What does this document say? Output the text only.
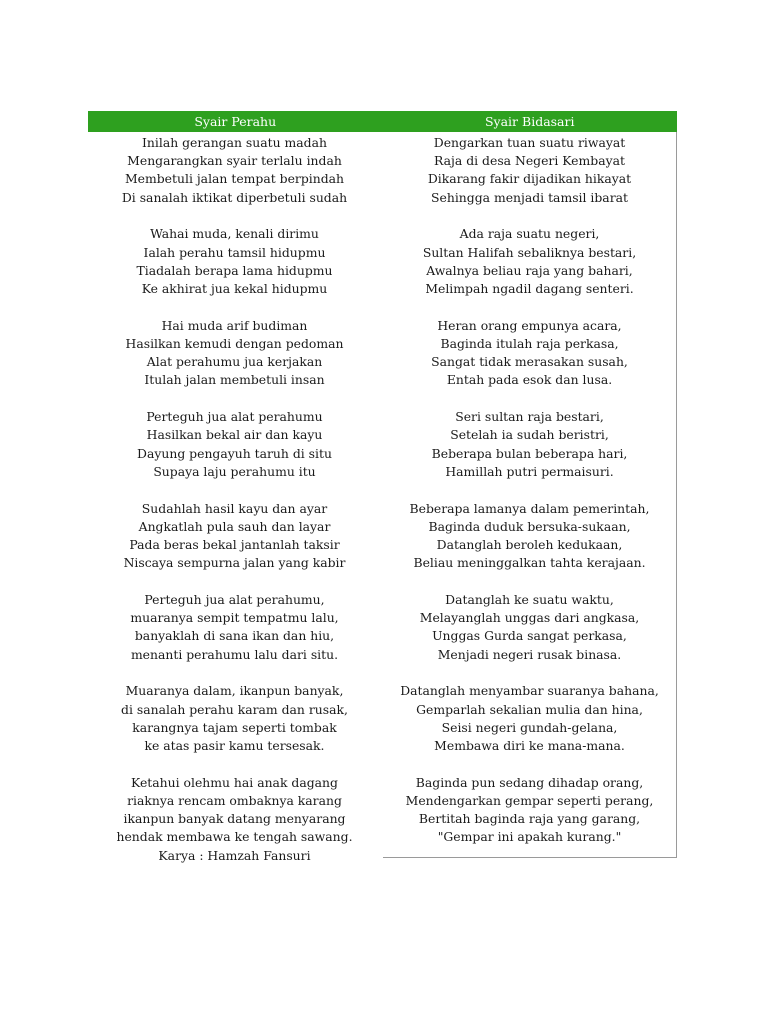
Syair Perahu	Syair Bidasari
Inilah gerangan suatu madah
Mengarangkan syair terlalu indah
Membetuli jalan tempat berpindah
Di sanalah iktikat diperbetuli sudah
Wahai muda, kenali dirimu
Ialah perahu tamsil hidupmu
Tiadalah berapa lama hidupmu
Ke akhirat jua kekal hidupmu
Hai muda arif budiman
Hasilkan kemudi dengan pedoman
Alat perahumu jua kerjakan
Itulah jalan membetuli insan
Perteguh jua alat perahumu
Hasilkan bekal air dan kayu
Dayung pengayuh taruh di situ
Supaya laju perahumu itu
Sudahlah hasil kayu dan ayar
Angkatlah pula sauh dan layar
Pada beras bekal jantanlah taksir
Niscaya sempurna jalan yang kabir
Perteguh jua alat perahumu,
muaranya sempit tempatmu lalu,
banyaklah di sana ikan dan hiu,
menanti perahumu lalu dari situ.
Muaranya dalam, ikanpun banyak,
di sanalah perahu karam dan rusak,
karangnya tajam seperti tombak
ke atas pasir kamu tersesak.
Ketahui olehmu hai anak dagang
riaknya rencam ombaknya karang
ikanpun banyak datang menyarang
hendak membawa ke tengah sawang.
Karya : Hamzah Fansuri
Dengarkan tuan suatu riwayat
Raja di desa Negeri Kembayat
Dikarang fakir dijadikan hikayat
Sehingga menjadi tamsil ibarat
Ada raja suatu negeri,
Sultan Halifah sebaliknya bestari,
Awalnya beliau raja yang bahari,
Melimpah ngadil dagang senteri.
Heran orang empunya acara,
Baginda itulah raja perkasa,
Sangat tidak merasakan susah,
Entah pada esok dan lusa.
Seri sultan raja bestari,
Setelah ia sudah beristri,
Beberapa bulan beberapa hari,
Hamillah putri permaisuri.
Beberapa lamanya dalam pemerintah,
Baginda duduk bersuka-sukaan,
Datanglah beroleh kedukaan,
Beliau meninggalkan tahta kerajaan.
Datanglah ke suatu waktu,
Melayanglah unggas dari angkasa,
Unggas Gurda sangat perkasa,
Menjadi negeri rusak binasa.
Datanglah menyambar suaranya bahana,
Gemparlah sekalian mulia dan hina,
Seisi negeri gundah-gelana,
Membawa diri ke mana-mana.
Baginda pun sedang dihadap orang,
Mendengarkan gempar seperti perang,
Bertitah baginda raja yang garang,
"Gempar ini apakah kurang."
